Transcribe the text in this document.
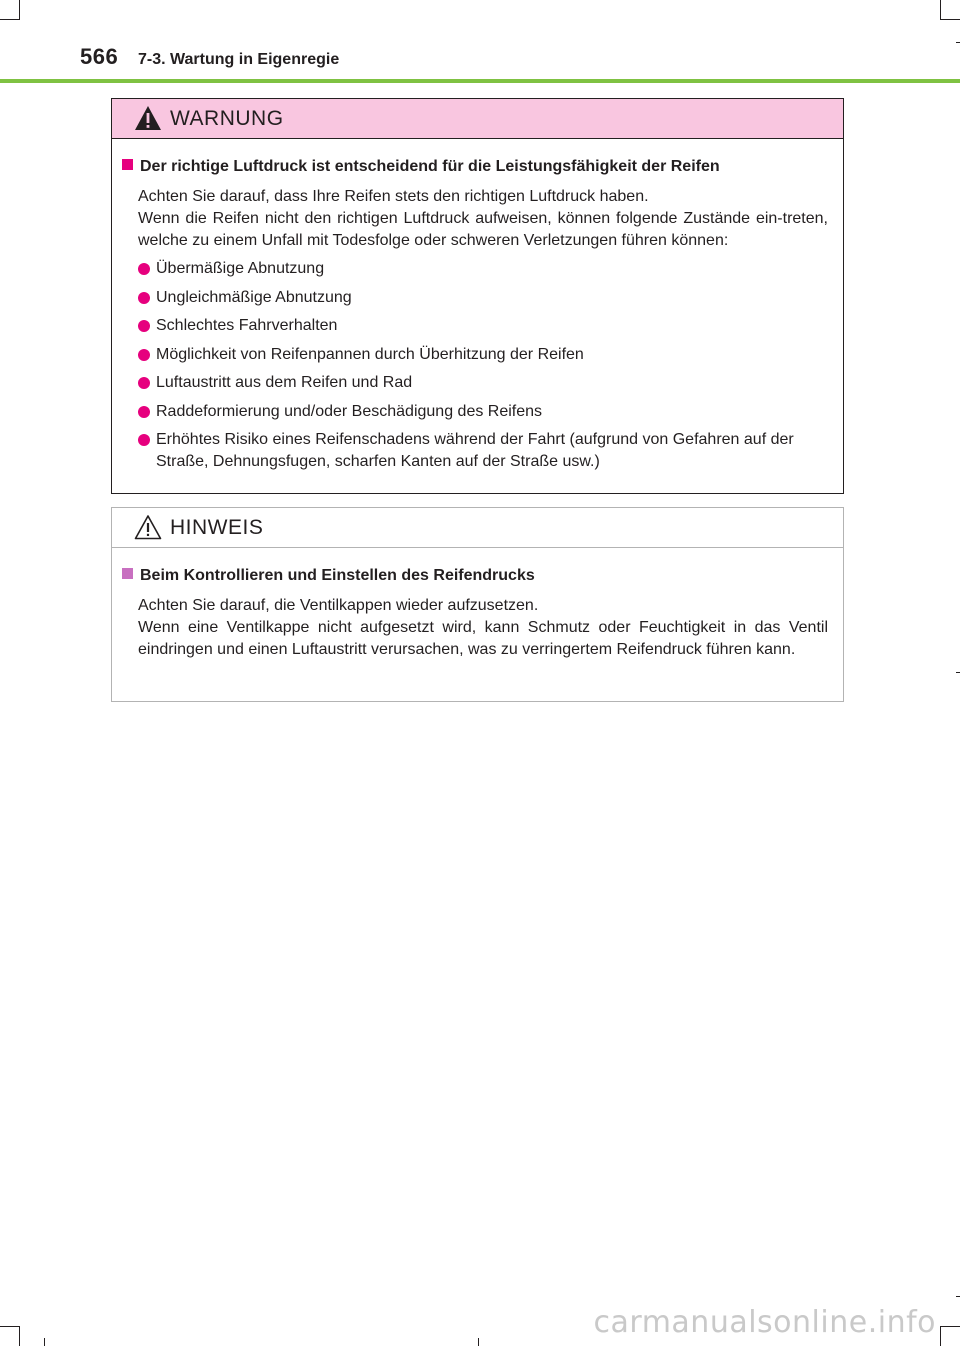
566 7-3. Wartung in Eigenregie
WARNUNG
Der richtige Luftdruck ist entscheidend für die Leistungsfähigkeit der Reifen

Achten Sie darauf, dass Ihre Reifen stets den richtigen Luftdruck haben.

Wenn die Reifen nicht den richtigen Luftdruck aufweisen, können folgende Zustände ein-treten, welche zu einem Unfall mit Todesfolge oder schweren Verletzungen führen können:

Übermäßige Abnutzung
Ungleichmäßige Abnutzung
Schlechtes Fahrverhalten
Möglichkeit von Reifenpannen durch Überhitzung der Reifen
Luftaustritt aus dem Reifen und Rad
Raddeformierung und/oder Beschädigung des Reifens
Erhöhtes Risiko eines Reifenschadens während der Fahrt (aufgrund von Gefahren auf der Straße, Dehnungsfugen, scharfen Kanten auf der Straße usw.)
HINWEIS
Beim Kontrollieren und Einstellen des Reifendrucks

Achten Sie darauf, die Ventilkappen wieder aufzusetzen.

Wenn eine Ventilkappe nicht aufgesetzt wird, kann Schmutz oder Feuchtigkeit in das Ventil eindringen und einen Luftaustritt verursachen, was zu verringertem Reifendruck führen kann.

carmanualsonline.info
